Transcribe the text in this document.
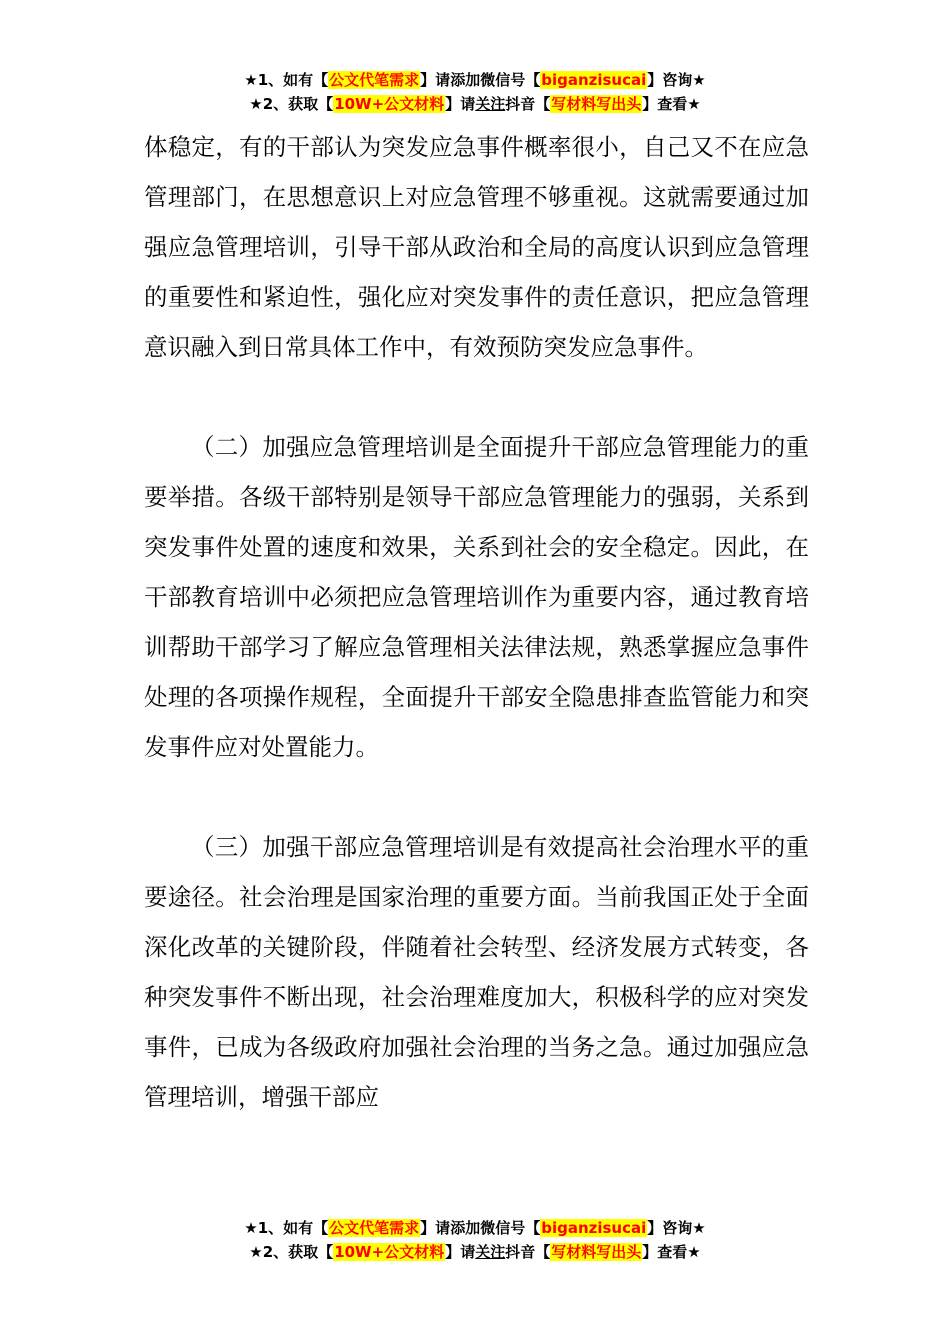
★1、如有【公文代笔需求】请添加微信号【biganzisucai】咨询★
★2、获取【10W+公文材料】请关注抖音【写材料写出头】查看★

体稳定，有的干部认为突发应急事件概率很小，自己又不在应急管理部门，在思想意识上对应急管理不够重视。这就需要通过加强应急管理培训，引导干部从政治和全局的高度认识到应急管理的重要性和紧迫性，强化应对突发事件的责任意识，把应急管理意识融入到日常具体工作中，有效预防突发应急事件。

（二）加强应急管理培训是全面提升干部应急管理能力的重要举措。各级干部特别是领导干部应急管理能力的强弱，关系到突发事件处置的速度和效果，关系到社会的安全稳定。因此，在干部教育培训中必须把应急管理培训作为重要内容，通过教育培训帮助干部学习了解应急管理相关法律法规，熟悉掌握应急事件处理的各项操作规程，全面提升干部安全隐患排查监管能力和突发事件应对处置能力。

（三）加强干部应急管理培训是有效提高社会治理水平的重要途径。社会治理是国家治理的重要方面。当前我国正处于全面深化改革的关键阶段，伴随着社会转型、经济发展方式转变，各种突发事件不断出现，社会治理难度加大，积极科学的应对突发事件，已成为各级政府加强社会治理的当务之急。通过加强应急管理培训，增强干部应

★1、如有【公文代笔需求】请添加微信号【biganzisucai】咨询★
★2、获取【10W+公文材料】请关注抖音【写材料写出头】查看★
